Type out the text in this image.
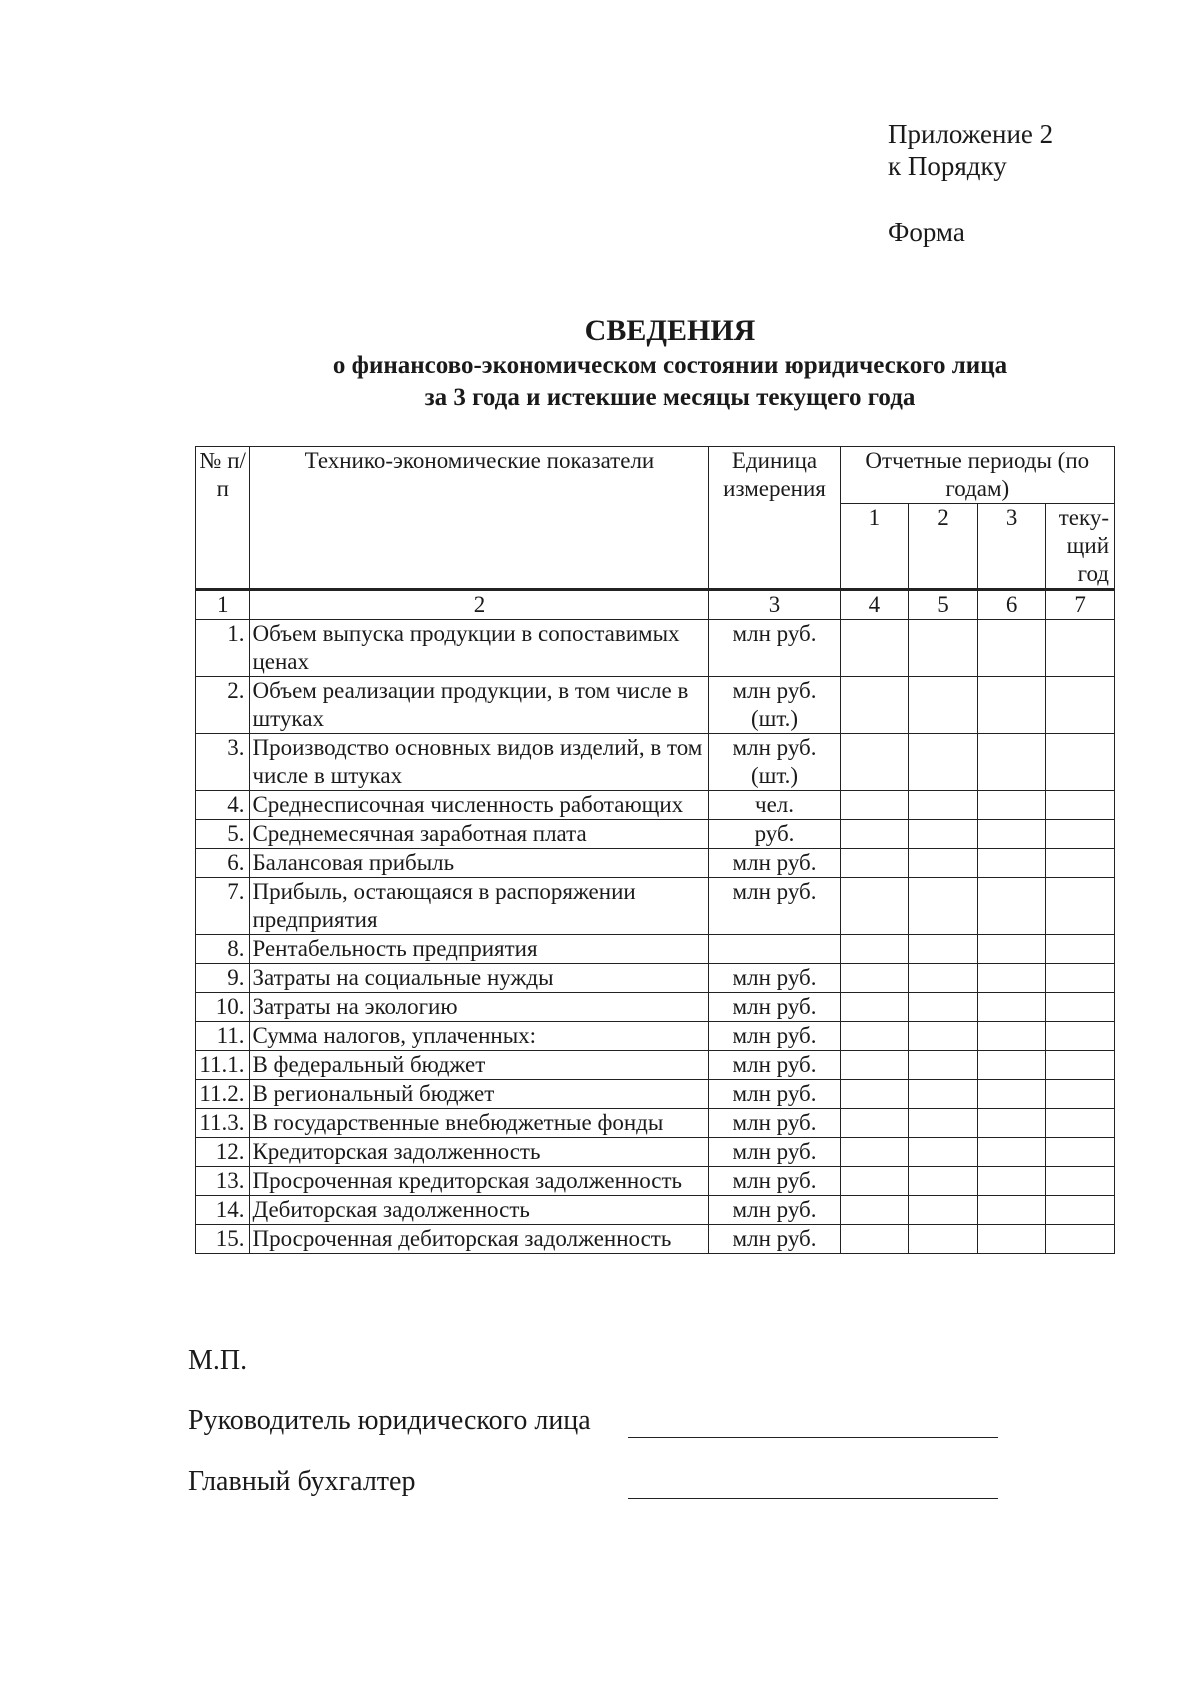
Приложение 2
к Порядку
Форма
СВЕДЕНИЯ
о финансово-экономическом состоянии юридического лица
за 3 года и истекшие месяцы текущего года
№ п/п	Технико-экономические показатели	Единица измерения	Отчетные периоды (по годам)			
			1	2	3	теку-щий год
1	2	3	4	5	6	7
1.	Объем выпуска продукции в сопоставимых ценах	млн руб.				
2.	Объем реализации продукции, в том числе в штуках	млн руб. (шт.)				
3.	Производство основных видов изделий, в том числе в штуках	млн руб. (шт.)				
4.	Среднесписочная численность работающих	чел.				
5.	Среднемесячная заработная плата	руб.				
6.	Балансовая прибыль	млн руб.				
7.	Прибыль, остающаяся в распоряжении предприятия	млн руб.				
8.	Рентабельность предприятия					
9.	Затраты на социальные нужды	млн руб.				
10.	Затраты на экологию	млн руб.				
11.	Сумма налогов, уплаченных:	млн руб.				
11.1.	В федеральный бюджет	млн руб.				
11.2.	В региональный бюджет	млн руб.				
11.3.	В государственные внебюджетные фонды	млн руб.				
12.	Кредиторская задолженность	млн руб.				
13.	Просроченная кредиторская задолженность	млн руб.				
14.	Дебиторская задолженность	млн руб.				
15.	Просроченная дебиторская задолженность	млн руб.				
М.П.
Руководитель юридического лица
Главный бухгалтер
